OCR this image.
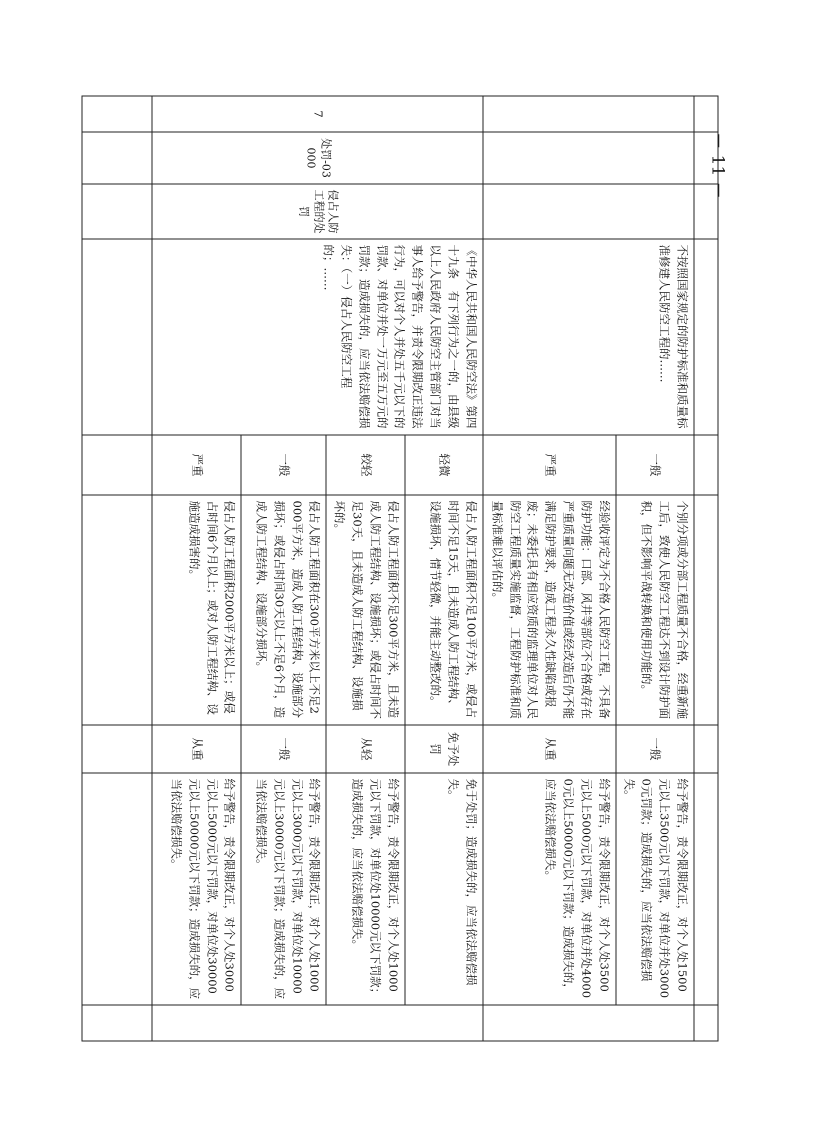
			不按照国家规定的防护标准和质量标准修建人民防空工程的……	一般	个别分项或分部工程质量不合格，经重新施工后，致使人民防空工程达不到设计防护面积，但不影响平战转换和使用功能的。	一般	给予警告，责令限期改正，对个人处1500元以上3500元以下罚款，对单位并处30000元罚款；造成损失的，应当依法赔偿损失。	
				严重	经验收评定为不合格人民防空工程，不具备防护功能：口部、风井等部位不合格或存在严重质量问题无改造价值或经改造后仍不能满足防护要求，造成工程永久性缺陷或报废；未委托具有相应资质的监理单位对人民防空工程质量实施监督，工程防护标准和质量标准难以评估的。	从重	给予警告，责令限期改正，对个人处3500元以上5000元以下罚款，对单位并处40000元以上50000元以下罚款；造成损失的，应当依法赔偿损失。	
7	处罚-03000	侵占人防工程的处罚	《中华人民共和国人民防空法》第四十九条　有下列行为之一的，由县级以上人民政府人民防空主管部门对当事人给予警告，并责令限期改正违法行为，可以对个人并处五千元以下的罚款、对单位并处一万元至五万元的罚款；造成损失的，应当依法赔偿损失：（一）侵占人民防空工程的；……	轻微	侵占人防工程面积不足100平方米，或侵占时间不足15天，且未造成人防工程结构、设施损坏，情节轻微，并能主动整改的。	免予处罚	免于处罚；造成损失的，应当依法赔偿损失。	
				较轻	侵占人防工程面积不足300平方米，且未造成人防工程结构、设施损坏；或侵占时间不足30天，且未造成人防工程结构、设施损坏的。	从轻	给予警告，责令限期改正，对个人处1000元以下罚款，对单位处10000元以下罚款；造成损失的，应当依法赔偿损失。	
				一般	侵占人防工程面积在300平方米以上不足2000平方米，造成人防工程结构、设施部分损坏；或侵占时间30天以上不足6个月，造成人防工程结构、设施部分损坏。	一般	给予警告，责令限期改正，对个人处1000元以上3000元以下罚款，对单位处10000元以上30000元以下罚款；造成损失的，应当依法赔偿损失。	
				严重	侵占人防工程面积2000平方米以上；或侵占时间6个月以上；或对人防工程结构、设施造成损害的。	从重	给予警告，责令限期改正，对个人处3000元以上5000元以下罚款，对单位处30000元以上50000元以下罚款；造成损失的，应当依法赔偿损失。	

－ 11 －
